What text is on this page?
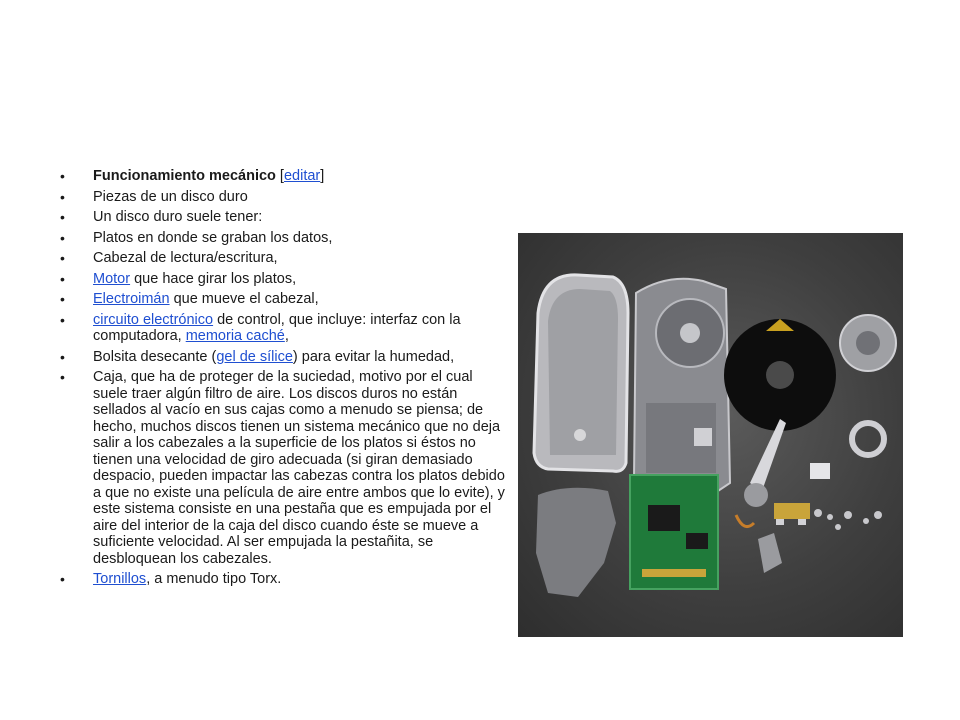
• Funcionamiento mecánico [editar]
• Piezas de un disco duro
• Un disco duro suele tener:
• Platos en donde se graban los datos,
• Cabezal de lectura/escritura,
• Motor que hace girar los platos,
• Electroimán que mueve el cabezal,
• circuito electrónico de control, que incluye: interfaz con la computadora, memoria caché,
• Bolsita desecante (gel de sílice) para evitar la humedad,
• Caja, que ha de proteger de la suciedad, motivo por el cual suele traer algún filtro de aire. Los discos duros no están sellados al vacío en sus cajas como a menudo se piensa; de hecho, muchos discos tienen un sistema mecánico que no deja salir a los cabezales a la superficie de los platos si éstos no tienen una velocidad de giro adecuada (si giran demasiado despacio, pueden impactar las cabezas contra los platos debido a que no existe una película de aire entre ambos que lo evite), y este sistema consiste en una pestaña que es empujada por el aire del interior de la caja del disco cuando éste se mueve a suficiente velocidad. Al ser empujada la pestañita, se desbloquean los cabezales.
• Tornillos, a menudo tipo Torx.
